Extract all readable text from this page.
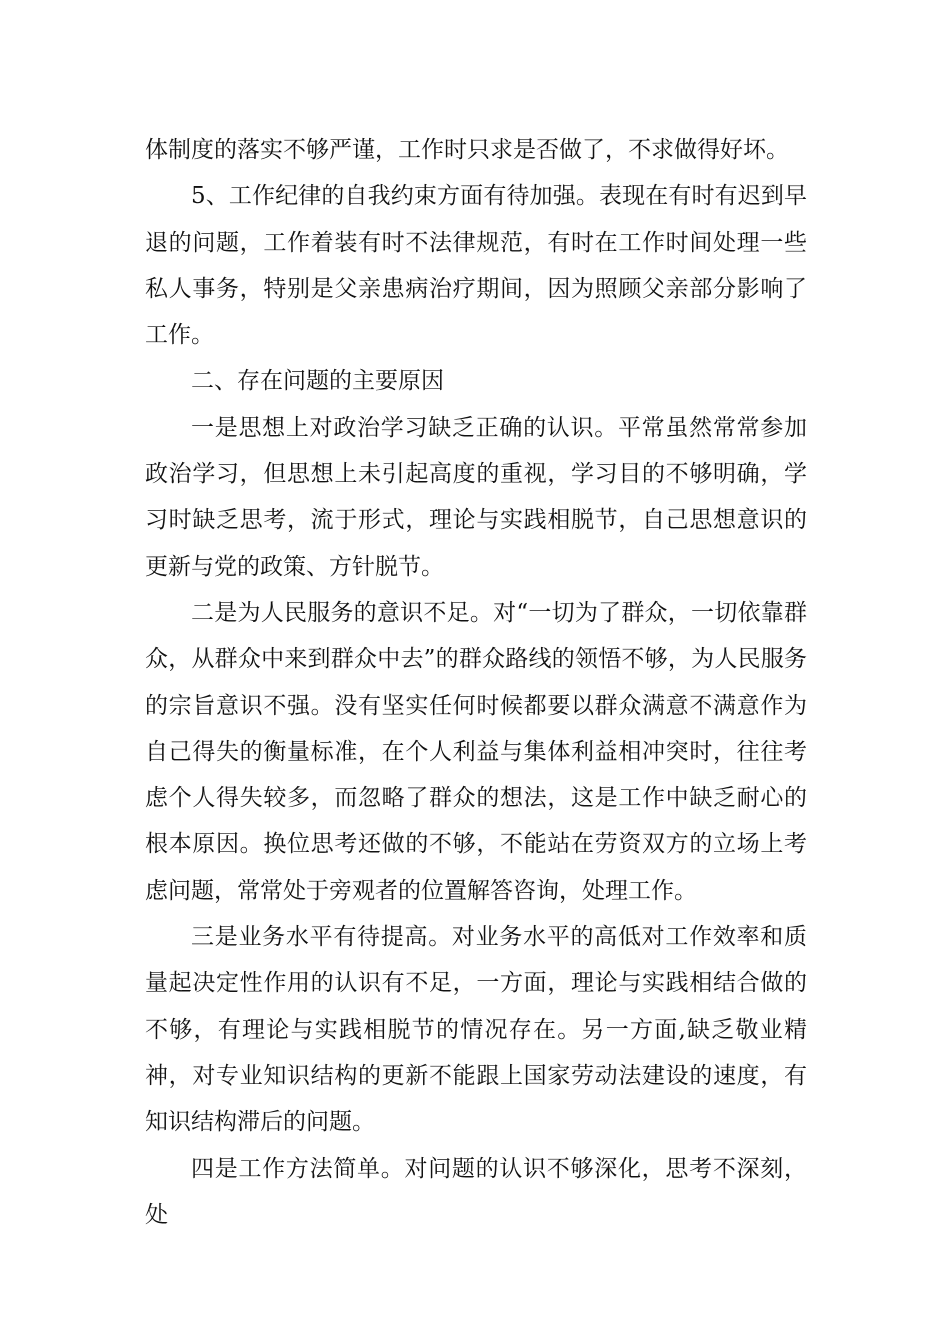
体制度的落实不够严谨，工作时只求是否做了，不求做得好坏。

5、工作纪律的自我约束方面有待加强。表现在有时有迟到早退的问题，工作着装有时不法律规范，有时在工作时间处理一些私人事务，特别是父亲患病治疗期间，因为照顾父亲部分影响了工作。

二、存在问题的主要原因

一是思想上对政治学习缺乏正确的认识。平常虽然常常参加政治学习，但思想上未引起高度的重视，学习目的不够明确，学习时缺乏思考，流于形式，理论与实践相脱节，自己思想意识的更新与党的政策、方针脱节。

二是为人民服务的意识不足。对“一切为了群众，一切依靠群众，从群众中来到群众中去”的群众路线的领悟不够，为人民服务的宗旨意识不强。没有坚实任何时候都要以群众满意不满意作为自己得失的衡量标准，在个人利益与集体利益相冲突时，往往考虑个人得失较多，而忽略了群众的想法，这是工作中缺乏耐心的根本原因。换位思考还做的不够，不能站在劳资双方的立场上考虑问题，常常处于旁观者的位置解答咨询，处理工作。

三是业务水平有待提高。对业务水平的高低对工作效率和质量起决定性作用的认识有不足，一方面，理论与实践相结合做的不够，有理论与实践相脱节的情况存在。另一方面,缺乏敬业精神，对专业知识结构的更新不能跟上国家劳动法建设的速度，有知识结构滞后的问题。

四是工作方法简单。对问题的认识不够深化，思考不深刻，处
